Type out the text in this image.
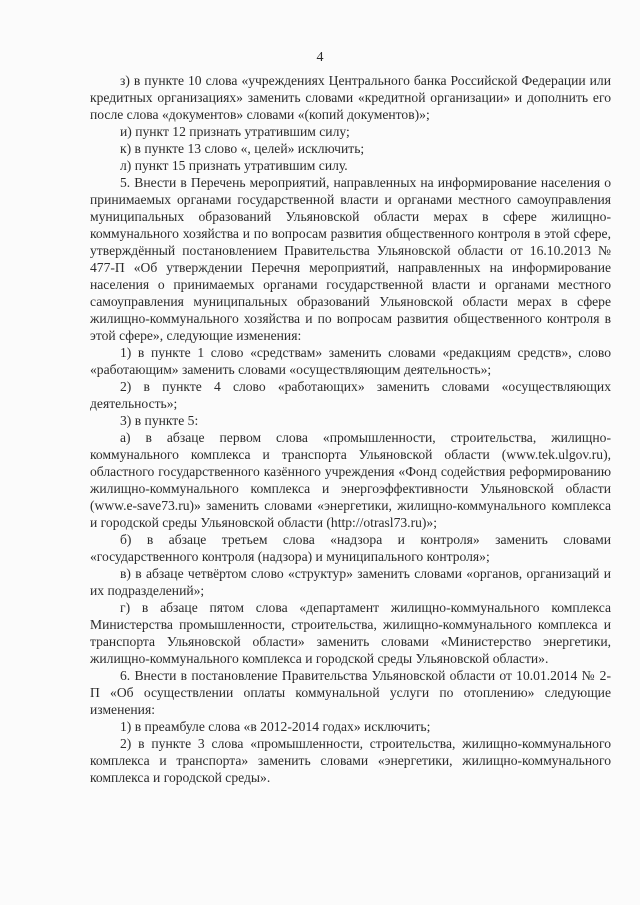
4

з) в пункте 10 слова «учреждениях Центрального банка Российской Федерации или кредитных организациях» заменить словами «кредитной организации» и дополнить его после слова «документов» словами «(копий документов)»;

и) пункт 12 признать утратившим силу;

к) в пункте 13 слово «, целей» исключить;

л) пункт 15 признать утратившим силу.

5. Внести в Перечень мероприятий, направленных на информирование населения о принимаемых органами государственной власти и органами местного самоуправления муниципальных образований Ульяновской области мерах в сфере жилищно-коммунального хозяйства и по вопросам развития общественного контроля в этой сфере, утверждённый постановлением Правительства Ульяновской области от 16.10.2013 № 477-П «Об утверждении Перечня мероприятий, направленных на информирование населения о принимаемых органами государственной власти и органами местного самоуправления муниципальных образований Ульяновской области мерах в сфере жилищно-коммунального хозяйства и по вопросам развития общественного контроля в этой сфере», следующие изменения:

1) в пункте 1 слово «средствам» заменить словами «редакциям средств», слово «работающим» заменить словами «осуществляющим деятельность»;

2) в пункте 4 слово «работающих» заменить словами «осуществляющих деятельность»;

3) в пункте 5:

а) в абзаце первом слова «промышленности, строительства, жилищно-коммунального комплекса и транспорта Ульяновской области (www.tek.ulgov.ru), областного государственного казённого учреждения «Фонд содействия реформированию жилищно-коммунального комплекса и энергоэффективности Ульяновской области (www.e-save73.ru)» заменить словами «энергетики, жилищно-коммунального комплекса и городской среды Ульяновской области (http://otrasl73.ru)»;

б) в абзаце третьем слова «надзора и контроля» заменить словами «государственного контроля (надзора) и муниципального контроля»;

в) в абзаце четвёртом слово «структур» заменить словами «органов, организаций и их подразделений»;

г) в абзаце пятом слова «департамент жилищно-коммунального комплекса Министерства промышленности, строительства, жилищно-коммунального комплекса и транспорта Ульяновской области» заменить словами «Министерство энергетики, жилищно-коммунального комплекса и городской среды Ульяновской области».

6. Внести в постановление Правительства Ульяновской области от 10.01.2014 № 2-П «Об осуществлении оплаты коммунальной услуги по отоплению» следующие изменения:

1) в преамбуле слова «в 2012-2014 годах» исключить;

2) в пункте 3 слова «промышленности, строительства, жилищно-коммунального комплекса и транспорта» заменить словами «энергетики, жилищно-коммунального комплекса и городской среды».
